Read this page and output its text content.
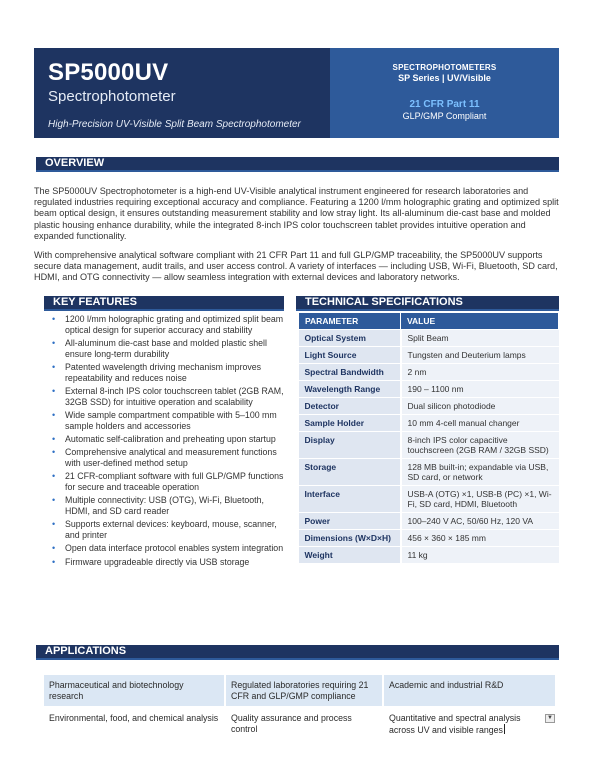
SP5000UV
Spectrophotometer
High-Precision UV-Visible Split Beam Spectrophotometer
SPECTROPHOTOMETERS
SP Series | UV/Visible
21 CFR Part 11
GLP/GMP Compliant
OVERVIEW

The SP5000UV Spectrophotometer is a high-end UV-Visible analytical instrument engineered for research laboratories and regulated industries requiring exceptional accuracy and compliance. Featuring a 1200 l/mm holographic grating and optimized split beam optical design, it ensures outstanding measurement stability and low stray light. Its all-aluminum die-cast base and molded plastic housing enhance durability, while the integrated 8-inch IPS color touchscreen tablet provides intuitive operation and expanded functionality.

With comprehensive analytical software compliant with 21 CFR Part 11 and full GLP/GMP traceability, the SP5000UV supports secure data management, audit trails, and user access control. A variety of interfaces — including USB, Wi-Fi, Bluetooth, SD card, HDMI, and OTG connectivity — allow seamless integration with external devices and laboratory networks.

KEY FEATURES
• 1200 l/mm holographic grating and optimized split beam optical design for superior accuracy and stability
• All-aluminum die-cast base and molded plastic shell ensure long-term durability
• Patented wavelength driving mechanism improves repeatability and reduces noise
• External 8-inch IPS color touchscreen tablet (2GB RAM, 32GB SSD) for intuitive operation and scalability
• Wide sample compartment compatible with 5–100 mm sample holders and accessories
• Automatic self-calibration and preheating upon startup
• Comprehensive analytical and measurement functions with user-defined method setup
• 21 CFR-compliant software with full GLP/GMP functions for secure and traceable operation
• Multiple connectivity: USB (OTG), Wi-Fi, Bluetooth, HDMI, and SD card reader
• Supports external devices: keyboard, mouse, scanner, and printer
• Open data interface protocol enables system integration
• Firmware upgradeable directly via USB storage
TECHNICAL SPECIFICATIONS
PARAMETER	VALUE
Optical System	Split Beam
Light Source	Tungsten and Deuterium lamps
Spectral Bandwidth	2 nm
Wavelength Range	190 – 1100 nm
Detector	Dual silicon photodiode
Sample Holder	10 mm 4-cell manual changer
Display	8-inch IPS color capacitive touchscreen (2GB RAM / 32GB SSD)
Storage	128 MB built-in; expandable via USB, SD card, or network
Interface	USB-A (OTG) ×1, USB-B (PC) ×1, Wi-Fi, SD card, HDMI, Bluetooth
Power	100–240 V AC, 50/60 Hz, 120 VA
Dimensions (W×D×H)	456 × 360 × 185 mm
Weight	11 kg
APPLICATIONS
Pharmaceutical and biotechnology research	Regulated laboratories requiring 21 CFR and GLP/GMP compliance	Academic and industrial R&D
Environmental, food, and chemical analysis	Quality assurance and process control	Quantitative and spectral analysis across UV and visible ranges
▼
